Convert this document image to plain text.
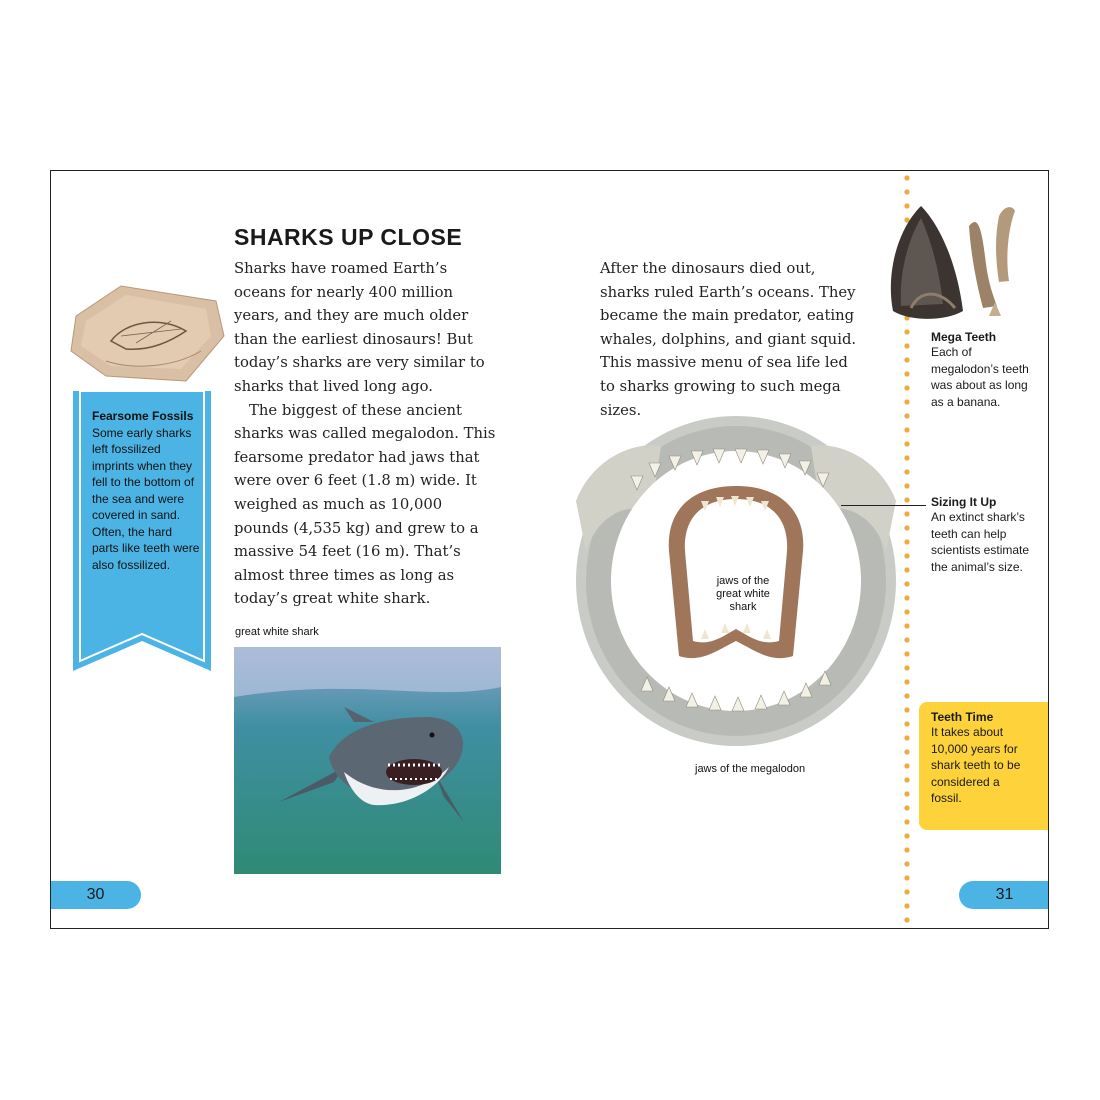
SHARKS UP CLOSE
Fearsome Fossils
Some early sharks left fossilized imprints when they fell to the bottom of the sea and were covered in sand. Often, the hard parts like teeth were also fossilized.

Sharks have roamed Earth’s oceans for nearly 400 million years, and they are much older than the earliest dinosaurs! But today’s sharks are very similar to sharks that lived long ago.

The biggest of these ancient sharks was called megalodon. This fearsome predator had jaws that were over 6 feet (1.8 m) wide. It weighed as much as 10,000 pounds (4,535 kg) and grew to a massive 54 feet (16 m). That’s almost three times as long as today’s great white shark.

great white shark

After the dinosaurs died out, sharks ruled Earth’s oceans. They became the main predator, eating whales, dolphins, and giant squid. This massive menu of sea life led to sharks growing to such mega sizes.

jaws of the great white shark
jaws of the megalodon
Mega Teeth
Each of megalodon’s teeth was about as long as a banana.
Sizing It Up
An extinct shark’s teeth can help scientists estimate the animal’s size.
Teeth Time
It takes about 10,000 years for shark teeth to be considered a fossil.
30	31
